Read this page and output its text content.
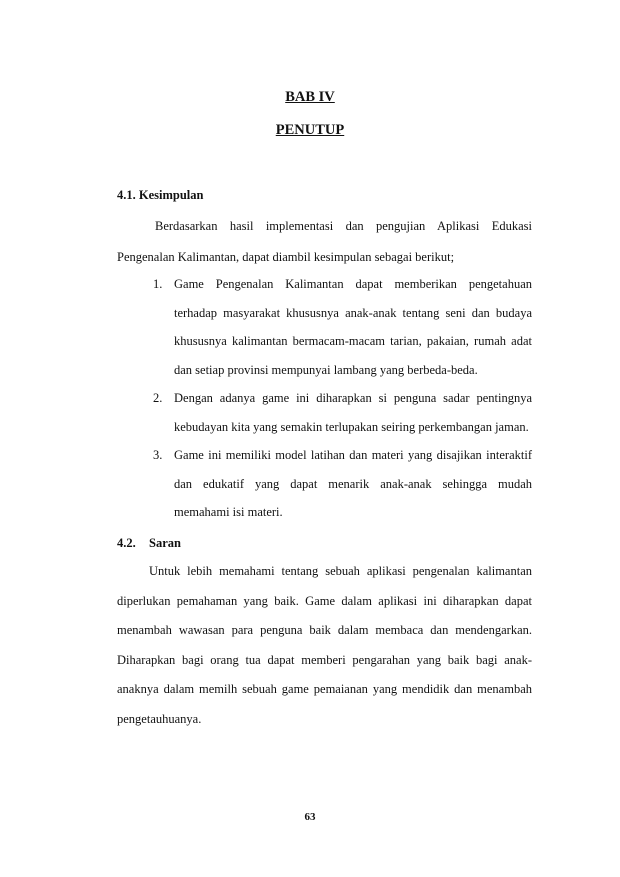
BAB IV
PENUTUP
4.1. Kesimpulan
Berdasarkan hasil implementasi dan pengujian Aplikasi Edukasi Pengenalan Kalimantan, dapat diambil kesimpulan sebagai berikut;
1. Game Pengenalan Kalimantan dapat memberikan pengetahuan terhadap masyarakat khususnya anak-anak tentang seni dan budaya khususnya kalimantan bermacam-macam tarian, pakaian, rumah adat dan setiap provinsi mempunyai lambang yang berbeda-beda.
2. Dengan adanya game ini diharapkan si penguna sadar pentingnya kebudayan kita yang semakin terlupakan seiring perkembangan jaman.
3. Game ini memiliki model latihan dan materi yang disajikan interaktif dan edukatif yang dapat menarik anak-anak sehingga mudah memahami isi materi.
4.2. Saran
Untuk lebih memahami tentang sebuah aplikasi pengenalan kalimantan diperlukan pemahaman yang baik. Game dalam aplikasi ini diharapkan dapat menambah wawasan para penguna baik dalam membaca dan mendengarkan. Diharapkan bagi orang tua dapat memberi pengarahan yang baik bagi anak-anaknya dalam memilh sebuah game pemaianan yang mendidik dan menambah pengetauhuanya.
63
